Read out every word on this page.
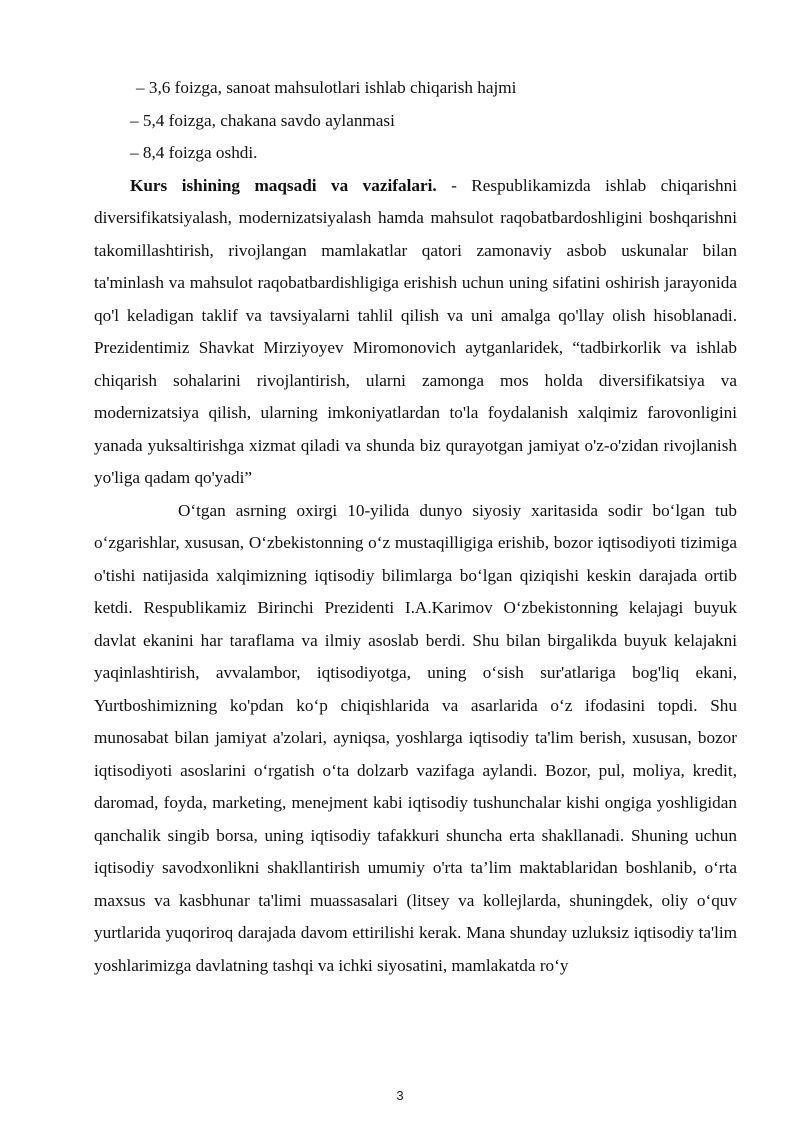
– 3,6 foizga, sanoat mahsulotlari ishlab chiqarish hajmi

– 5,4 foizga, chakana savdo aylanmasi

– 8,4 foizga oshdi.

Kurs ishining maqsadi va vazifalari. - Respublikamizda ishlab chiqarishni diversifikatsiyalash, modernizatsiyalash hamda mahsulot raqobatbardoshligini boshqarishni takomillashtirish, rivojlangan mamlakatlar qatori zamonaviy asbob uskunalar bilan ta'minlash va mahsulot raqobatbardishligiga erishish uchun uning sifatini oshirish jarayonida qo'l keladigan taklif va tavsiyalarni tahlil qilish va uni amalga qo'llay olish hisoblanadi. Prezidentimiz Shavkat Mirziyoyev Miromonovich aytganlaridek, “tadbirkorlik va ishlab chiqarish sohalarini rivojlantirish, ularni zamonga mos holda diversifikatsiya va modernizatsiya qilish, ularning imkoniyatlardan to'la foydalanish xalqimiz farovonligini yanada yuksaltirishga xizmat qiladi va shunda biz qurayotgan jamiyat o'z-o'zidan rivojlanish yo'liga qadam qo'yadi”

O‘tgan asrning oxirgi 10-yilida dunyo siyosiy xaritasida sodir bo‘lgan tub o‘zgarishlar, xususan, O‘zbekistonning o‘z mustaqilligiga erishib, bozor iqtisodiyoti tizimiga o'tishi natijasida xalqimizning iqtisodiy bilimlarga bo‘lgan qiziqishi keskin darajada ortib ketdi. Respublikamiz Birinchi Prezidenti I.A.Karimov O‘zbekistonning kelajagi buyuk davlat ekanini har taraflama va ilmiy asoslab berdi. Shu bilan birgalikda buyuk kelajakni yaqinlashtirish, avvalambor, iqtisodiyotga, uning o‘sish sur'atlariga bog'liq ekani, Yurtboshimizning ko'pdan ko‘p chiqishlarida va asarlarida o‘z ifodasini topdi. Shu munosabat bilan jamiyat a'zolari, ayniqsa, yoshlarga iqtisodiy ta'lim berish, xususan, bozor iqtisodiyoti asoslarini o‘rgatish o‘ta dolzarb vazifaga aylandi. Bozor, pul, moliya, kredit, daromad, foyda, marketing, menejment kabi iqtisodiy tushunchalar kishi ongiga yoshligidan qanchalik singib borsa, uning iqtisodiy tafakkuri shuncha erta shakllanadi. Shuning uchun iqtisodiy savodxonlikni shakllantirish umumiy o'rta ta’lim maktablaridan boshlanib, o‘rta maxsus va kasbhunar ta'limi muassasalari (litsey va kollejlarda, shuningdek, oliy o‘quv yurtlarida yuqoriroq darajada davom ettirilishi kerak. Mana shunday uzluksiz iqtisodiy ta'lim yoshlarimizga davlatning tashqi va ichki siyosatini, mamlakatda ro‘y

3
